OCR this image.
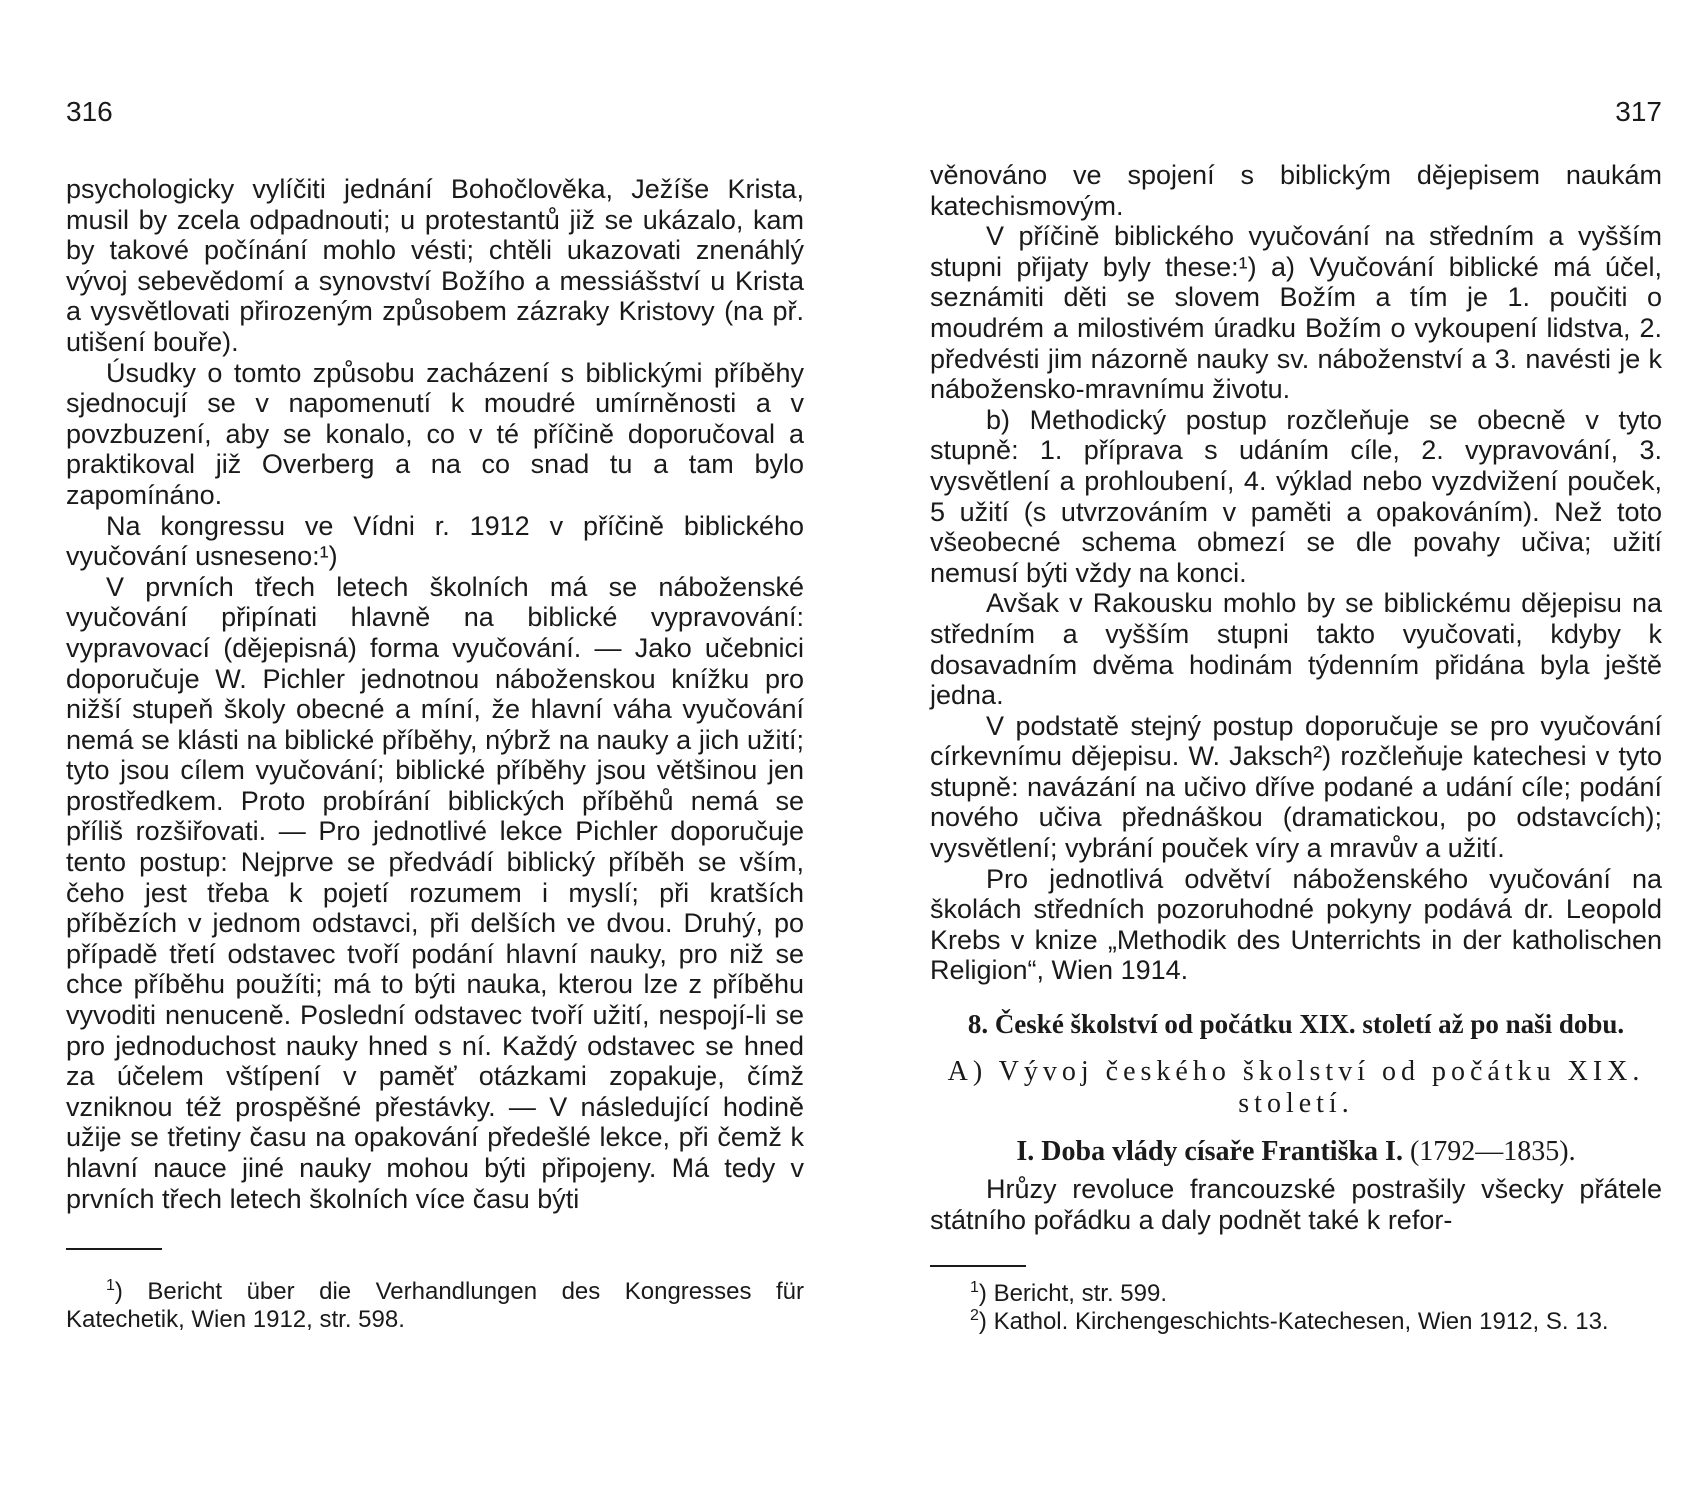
316

psychologicky vylíčiti jednání Bohočlověka, Ježíše Krista, musil by zcela odpadnouti; u protestantů již se ukázalo, kam by takové počínání mohlo vésti; chtěli ukazovati znenáhlý vývoj sebevědomí a synovství Božího a messiášství u Krista a vysvětlovati přirozeným způsobem zázraky Kristovy (na př. utišení bouře).

Úsudky o tomto způsobu zacházení s biblickými příběhy sjednocují se v napomenutí k moudré umírněnosti a v povzbuzení, aby se konalo, co v té příčině doporučoval a praktikoval již Overberg a na co snad tu a tam bylo zapomínáno.

Na kongressu ve Vídni r. 1912 v příčině biblického vyučování usneseno:¹)

V prvních třech letech školních má se náboženské vyučování připínati hlavně na biblické vypravování: vypravovací (dějepisná) forma vyučování. — Jako učebnici doporučuje W. Pichler jednotnou náboženskou knížku pro nižší stupeň školy obecné a míní, že hlavní váha vyučování nemá se klásti na biblické příběhy, nýbrž na nauky a jich užití; tyto jsou cílem vyučování; biblické příběhy jsou většinou jen prostředkem. Proto probírání biblických příběhů nemá se příliš rozšiřovati. — Pro jednotlivé lekce Pichler doporučuje tento postup: Nejprve se předvádí biblický příběh se vším, čeho jest třeba k pojetí rozumem i myslí; při kratších příbězích v jednom odstavci, při delších ve dvou. Druhý, po případě třetí odstavec tvoří podání hlavní nauky, pro niž se chce příběhu použíti; má to býti nauka, kterou lze z příběhu vyvoditi nenuceně. Poslední odstavec tvoří užití, nespojí-li se pro jednoduchost nauky hned s ní. Každý odstavec se hned za účelem vštípení v paměť otázkami zopakuje, čímž vzniknou též prospěšné přestávky. — V následující hodině užije se třetiny času na opakování předešlé lekce, při čemž k hlavní nauce jiné nauky mohou býti připojeny. Má tedy v prvních třech letech školních více času býti

$^1$) Bericht über die Verhandlungen des Kongresses für Katechetik, Wien 1912, str. 598.
317

věnováno ve spojení s biblickým dějepisem naukám katechismovým.

V příčině biblického vyučování na středním a vyšším stupni přijaty byly these:¹) a) Vyučování biblické má účel, seznámiti děti se slovem Božím a tím je 1. poučiti o moudrém a milostivém úradku Božím o vykoupení lidstva, 2. předvésti jim názorně nauky sv. náboženství a 3. navésti je k nábožensko-mravnímu životu.

b) Methodický postup rozčleňuje se obecně v tyto stupně: 1. příprava s udáním cíle, 2. vypravování, 3. vysvětlení a prohloubení, 4. výklad nebo vyzdvižení pouček, 5 užití (s utvrzováním v paměti a opakováním). Než toto všeobecné schema obmezí se dle povahy učiva; užití nemusí býti vždy na konci.

Avšak v Rakousku mohlo by se biblickému dějepisu na středním a vyšším stupni takto vyučovati, kdyby k dosavadním dvěma hodinám týdenním přidána byla ještě jedna.

V podstatě stejný postup doporučuje se pro vyučování církevnímu dějepisu. W. Jaksch²) rozčleňuje katechesi v tyto stupně: navázání na učivo dříve podané a udání cíle; podání nového učiva přednáškou (dramatickou, po odstavcích); vysvětlení; vybrání pouček víry a mravův a užití.

Pro jednotlivá odvětví náboženského vyučování na školách středních pozoruhodné pokyny podává dr. Leopold Krebs v knize „Methodik des Unterrichts in der katholischen Religion“, Wien 1914.

8. České školství od počátku XIX. století až po naši dobu.
A) Vývoj českého školství od počátku XIX. století.
I. Doba vlády císaře Františka I. (1792—1835).

Hrůzy revoluce francouzské postrašily všecky přátele státního pořádku a daly podnět také k refor-

$^1$) Bericht, str. 599.
$^2$) Kathol. Kirchengeschichts-Katechesen, Wien 1912, S. 13.
